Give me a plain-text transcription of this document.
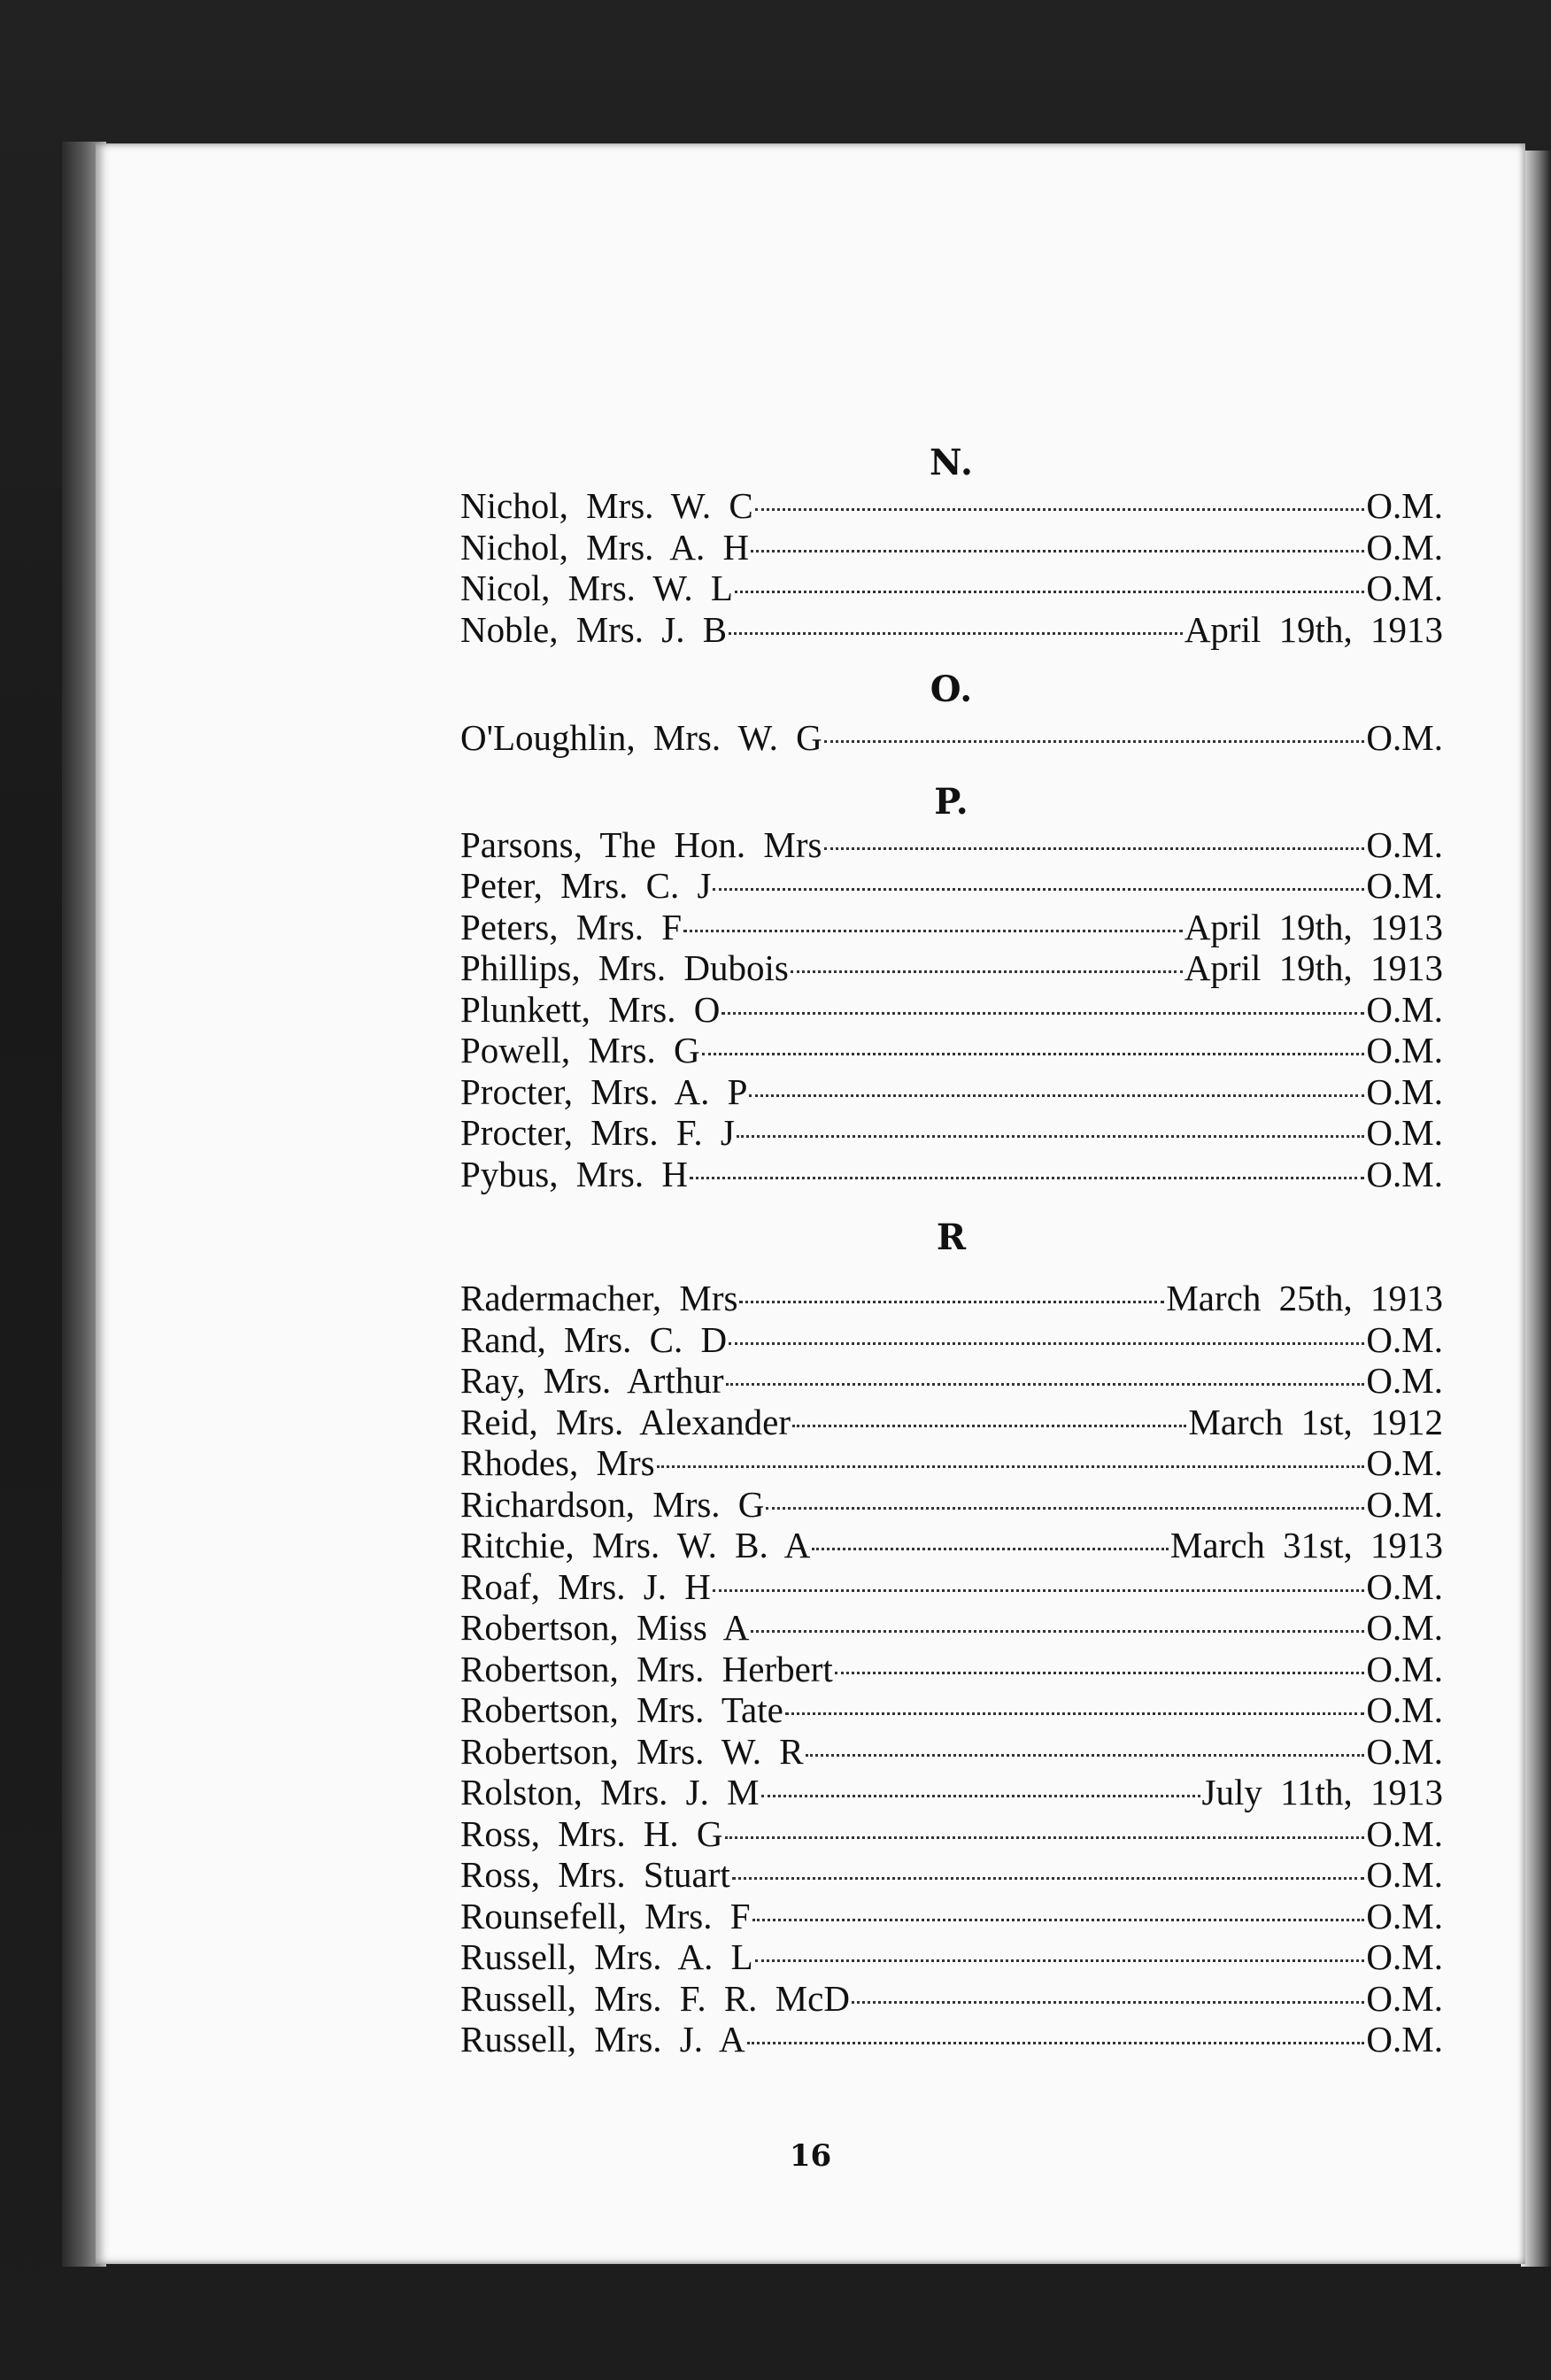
N.
Nichol, Mrs. W. C	O.M.
Nichol, Mrs. A. H	O.M.
Nicol, Mrs. W. L	O.M.
Noble, Mrs. J. B	April 19th, 1913
O.
O'Loughlin, Mrs. W. G	O.M.
P.
Parsons, The Hon. Mrs	O.M.
Peter, Mrs. C. J	O.M.
Peters, Mrs. F	April 19th, 1913
Phillips, Mrs. Dubois	April 19th, 1913
Plunkett, Mrs. O	O.M.
Powell, Mrs. G	O.M.
Procter, Mrs. A. P	O.M.
Procter, Mrs. F. J	O.M.
Pybus, Mrs. H	O.M.
R
Radermacher, Mrs	March 25th, 1913
Rand, Mrs. C. D	O.M.
Ray, Mrs. Arthur	O.M.
Reid, Mrs. Alexander	March 1st, 1912
Rhodes, Mrs	O.M.
Richardson, Mrs. G	O.M.
Ritchie, Mrs. W. B. A	March 31st, 1913
Roaf, Mrs. J. H	O.M.
Robertson, Miss A	O.M.
Robertson, Mrs. Herbert	O.M.
Robertson, Mrs. Tate	O.M.
Robertson, Mrs. W. R	O.M.
Rolston, Mrs. J. M	July 11th, 1913
Ross, Mrs. H. G	O.M.
Ross, Mrs. Stuart	O.M.
Rounsefell, Mrs. F	O.M.
Russell, Mrs. A. L	O.M.
Russell, Mrs. F. R. McD	O.M.
Russell, Mrs. J. A	O.M.
16
